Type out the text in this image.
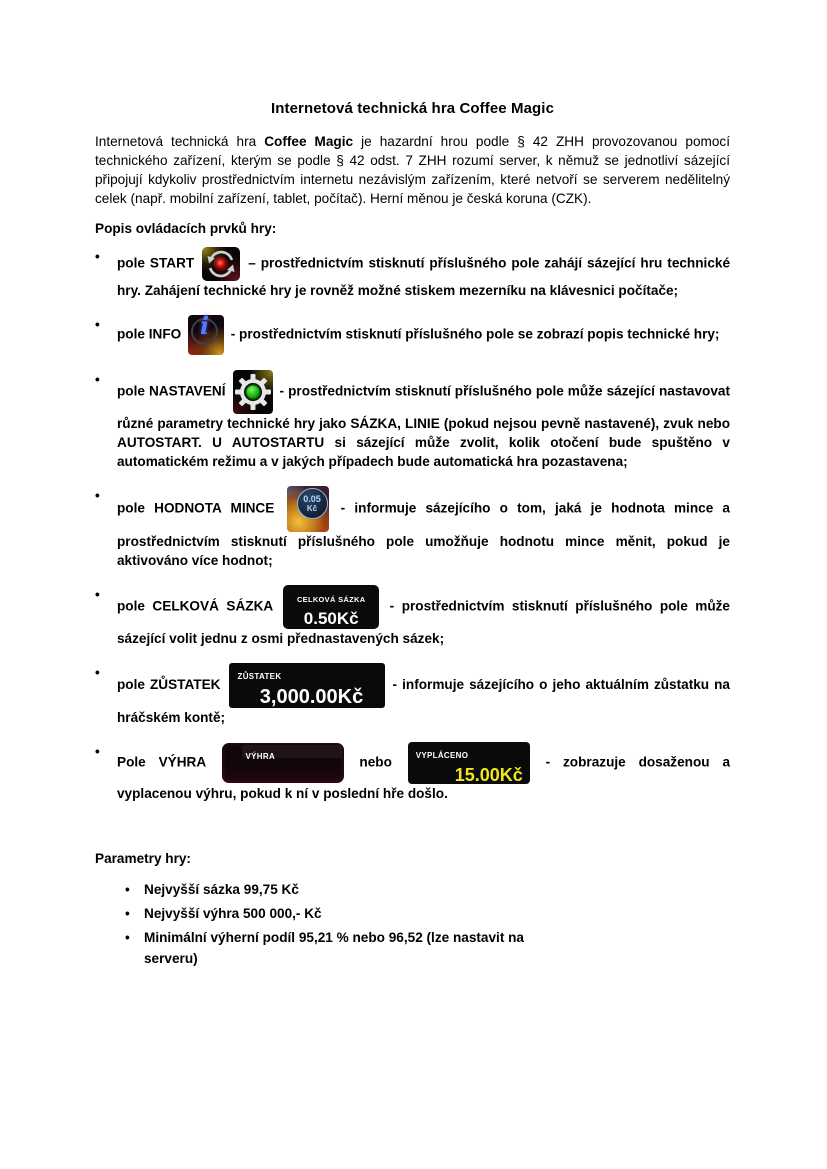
Internetová technická hra Coffee Magic

Internetová technická hra Coffee Magic je hazardní hrou podle § 42 ZHH provozovanou pomocí technického zařízení, kterým se podle § 42 odst. 7 ZHH rozumí server, k němuž se jednotliví sázející připojují kdykoliv prostřednictvím internetu nezávislým zařízením, které netvoří se serverem nedělitelný celek (např. mobilní zařízení, tablet, počítač). Herní měnou je česká koruna (CZK).

Popis ovládacích prvků hry:
•
pole START	– prostřednictvím stisknutí příslušného pole zahájí sázející hru technické hry. Zahájení technické hry je rovněž možné stiskem mezerníku na klávesnici počítače;
•
pole INFO i - prostřednictvím stisknutí příslušného pole se zobrazí popis technické hry;
•
pole NASTAVENÍ	- prostřednictvím stisknutí příslušného pole může sázející nastavovat různé parametry technické hry jako SÁZKA, LINIE (pokud nejsou pevně nastavené), zvuk nebo AUTOSTART. U AUTOSTARTU si sázející může zvolit, kolik otočení bude spuštěno v automatickém režimu a v jakých případech bude automatická hra pozastavena;
•
pole HODNOTA MINCE
0.05
Kč - informuje sázejícího o tom, jaká je hodnota mince a prostřednictvím stisknutí příslušného pole umožňuje hodnotu mince měnit, pokud je aktivováno více hodnot;
•
pole CELKOVÁ SÁZKA	CELKOVÁ SÁZKA
0.50Kč - prostřednictvím stisknutí příslušného pole může sázející volit jednu z osmi přednastavených sázek;
•
pole ZŮSTATEK
ZŮSTATEK
3,000.00Kč
- informuje sázejícího o jeho aktuálním zůstatku na hráčském kontě;
•
Pole VÝHRA	VÝHRA	nebo VYPLÁCENO
15.00Kč
- zobrazuje dosaženou a vyplacenou výhru, pokud k ní v poslední hře došlo.
Parametry hry:
•
Nejvyšší sázka 99,75 Kč
•
Nejvyšší výhra 500 000,- Kč
•
Minimální výherní podíl 95,21 % nebo 96,52 (lze nastavit na serveru)
